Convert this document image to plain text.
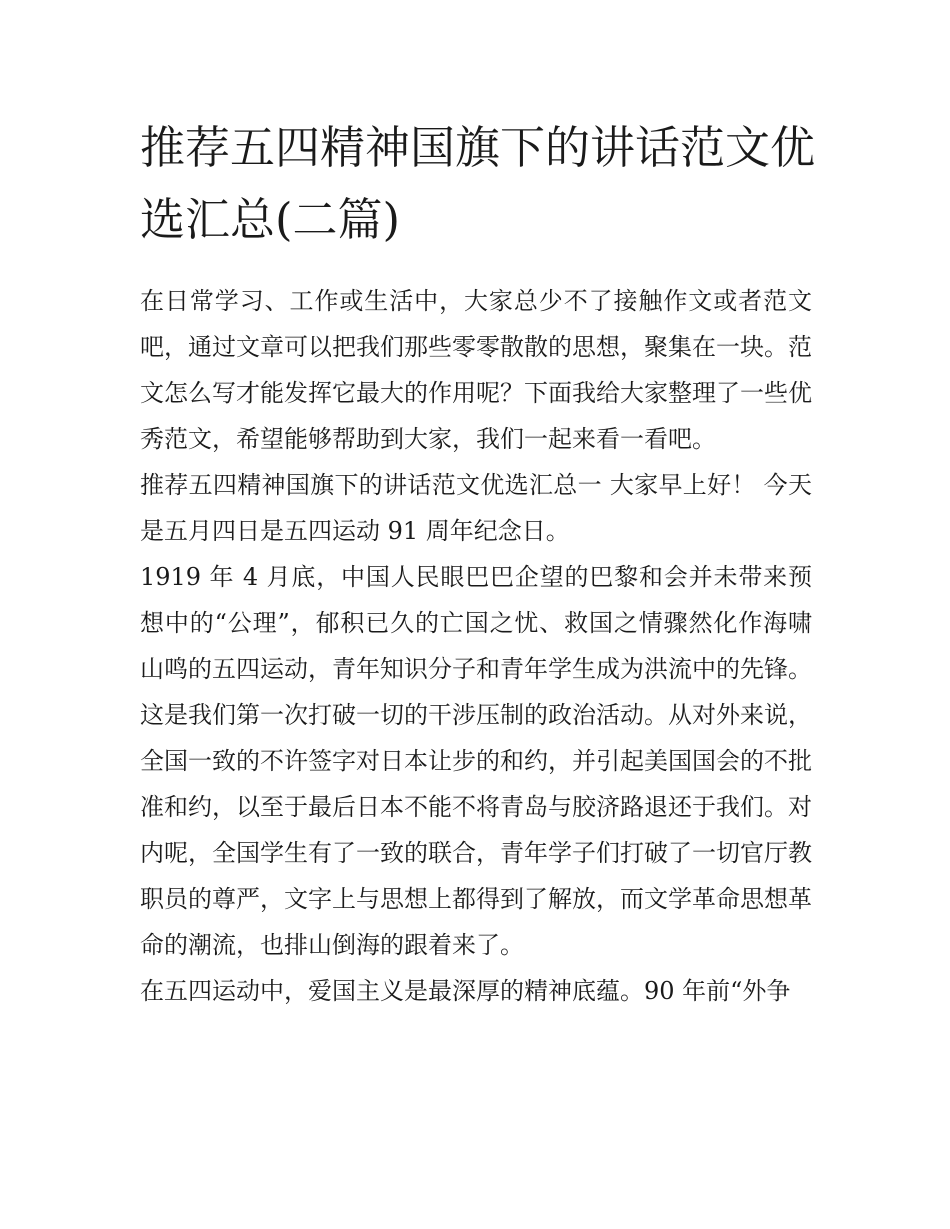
推荐五四精神国旗下的讲话范文优选汇总(二篇)

在日常学习、工作或生活中，大家总少不了接触作文或者范文吧，通过文章可以把我们那些零零散散的思想，聚集在一块。范文怎么写才能发挥它最大的作用呢？下面我给大家整理了一些优秀范文，希望能够帮助到大家，我们一起来看一看吧。

推荐五四精神国旗下的讲话范文优选汇总一 大家早上好！ 今天是五月四日是五四运动 91 周年纪念日。

1919 年 4 月底，中国人民眼巴巴企望的巴黎和会并未带来预想中的“公理”，郁积已久的亡国之忧、救国之情骤然化作海啸山鸣的五四运动，青年知识分子和青年学生成为洪流中的先锋。这是我们第一次打破一切的干涉压制的政治活动。从对外来说，全国一致的不许签字对日本让步的和约，并引起美国国会的不批准和约，以至于最后日本不能不将青岛与胶济路退还于我们。对内呢，全国学生有了一致的联合，青年学子们打破了一切官厅教职员的尊严，文字上与思想上都得到了解放，而文学革命思想革命的潮流，也排山倒海的跟着来了。

在五四运动中，爱国主义是最深厚的精神底蕴。90 年前“外争
